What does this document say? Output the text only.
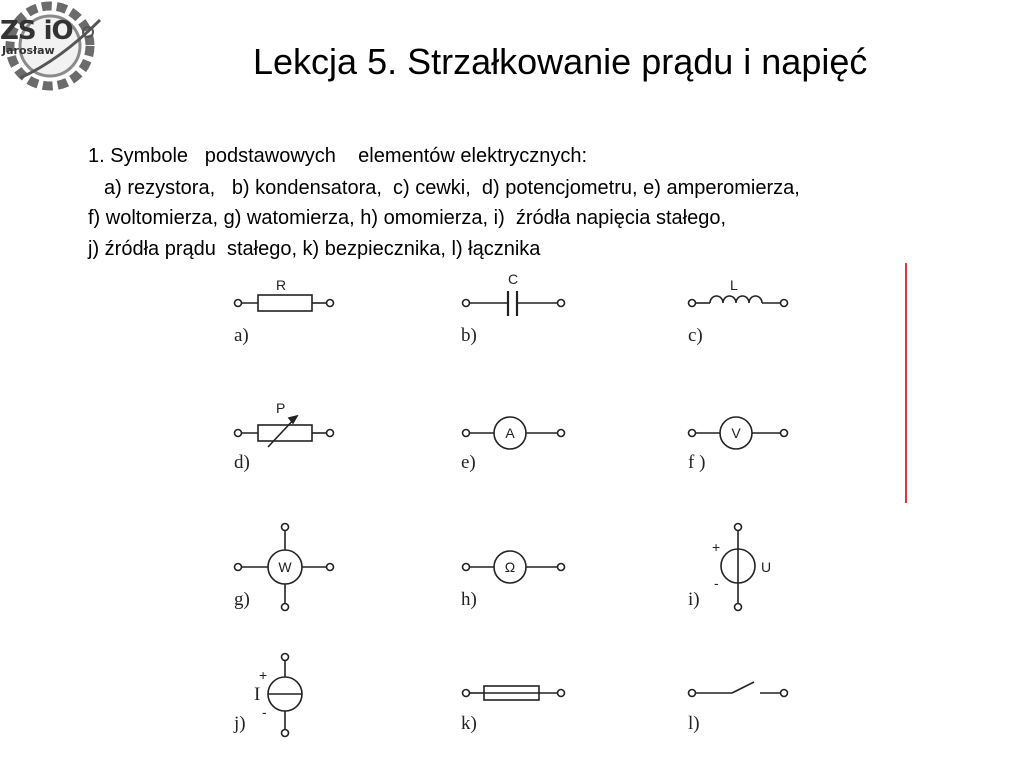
ZS iO
Jarosław	Lekcja 5. Strzałkowanie prądu i napięć
1. Symbole   podstawowych    elementów elektrycznych:
a) rezystora,   b) kondensatora,  c) cewki,  d) potencjometru, e) amperomierza,
f) woltomierza, g) watomierza, h) omomierza, i)  źródła napięcia stałego,
j) źródła prądu  stałego, k) bezpiecznika, l) łącznika
R
a)
C
b)
L
c)
P
d)
A
e)
V
f )
W
g)
Ω
h)
+
-
U
i)
+
I
-
j)	k)	l)
